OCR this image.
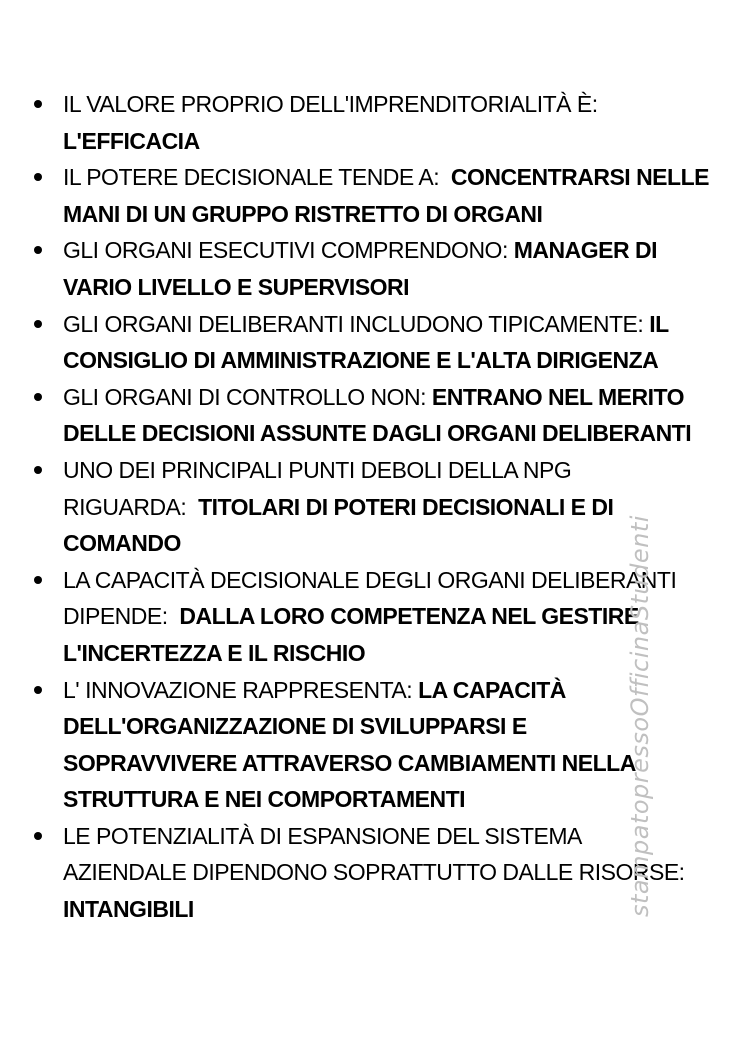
IL VALORE PROPRIO DELL'IMPRENDITORIALITÀ È:
L'EFFICACIA
IL POTERE DECISIONALE TENDE A:  CONCENTRARSI NELLE
MANI DI UN GRUPPO RISTRETTO DI ORGANI
GLI ORGANI ESECUTIVI COMPRENDONO: MANAGER DI
VARIO LIVELLO E SUPERVISORI
GLI ORGANI DELIBERANTI INCLUDONO TIPICAMENTE: IL
CONSIGLIO DI AMMINISTRAZIONE E L'ALTA DIRIGENZA
GLI ORGANI DI CONTROLLO NON: ENTRANO NEL MERITO
DELLE DECISIONI ASSUNTE DAGLI ORGANI DELIBERANTI
UNO DEI PRINCIPALI PUNTI DEBOLI DELLA NPG
RIGUARDA:  TITOLARI DI POTERI DECISIONALI E DI
COMANDO
LA CAPACITÀ DECISIONALE DEGLI ORGANI DELIBERANTI
DIPENDE:  DALLA LORO COMPETENZA NEL GESTIRE
L'INCERTEZZA E IL RISCHIO
L' INNOVAZIONE RAPPRESENTA: LA CAPACITÀ
DELL'ORGANIZZAZIONE DI SVILUPPARSI E
SOPRAVVIVERE ATTRAVERSO CAMBIAMENTI NELLA
STRUTTURA E NEI COMPORTAMENTI
LE POTENZIALITÀ DI ESPANSIONE DEL SISTEMA
AZIENDALE DIPENDONO SOPRATTUTTO DALLE RISORSE:
INTANGIBILI	stampatopressoOfficinaStudenti
